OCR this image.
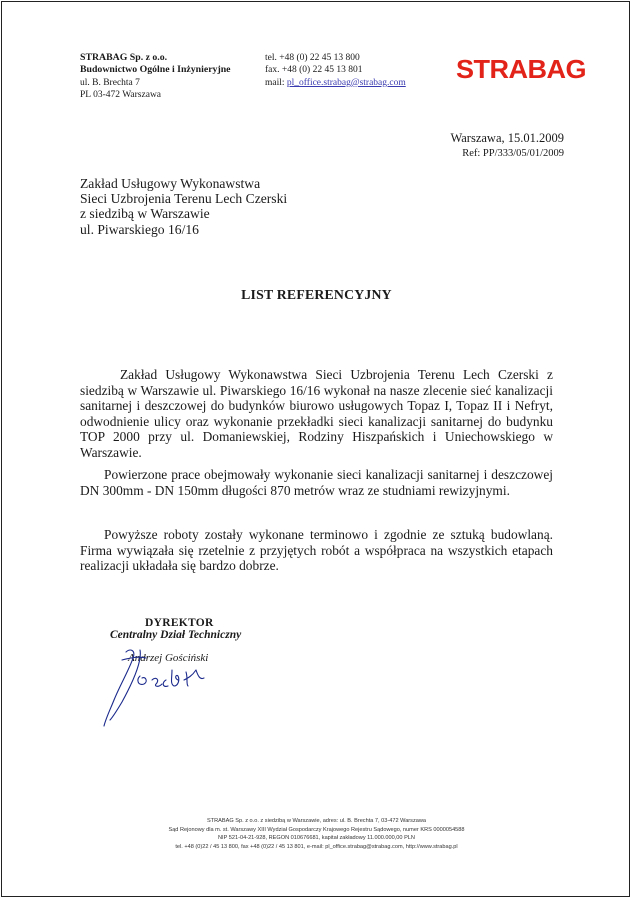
STRABAG Sp. z o.o.
Budownictwo Ogólne i Inżynieryjne
ul. B. Brechta 7
PL 03-472 Warszawa
tel. +48 (0) 22 45 13 800
fax. +48 (0) 22 45 13 801
mail: pl_office.strabag@strabag.com STRABAG
Warszawa, 15.01.2009
Ref: PP/333/05/01/2009
Zakład Usługowy Wykonawstwa
Sieci Uzbrojenia Terenu Lech Czerski
z siedzibą w Warszawie
ul. Piwarskiego 16/16
LIST REFERENCYJNY
Zakład Usługowy Wykonawstwa Sieci Uzbrojenia Terenu Lech Czerski z siedzibą w Warszawie ul. Piwarskiego 16/16 wykonał na nasze zlecenie sieć kanalizacji sanitarnej i deszczowej do budynków biurowo usługowych Topaz I, Topaz II i Nefryt, odwodnienie ulicy oraz wykonanie przekładki sieci kanalizacji sanitarnej do budynku TOP 2000 przy ul. Domaniewskiej, Rodziny Hiszpańskich i Uniechowskiego w Warszawie.
Powierzone prace obejmowały wykonanie sieci kanalizacji sanitarnej i deszczowej DN 300mm - DN 150mm długości 870 metrów wraz ze studniami rewizyjnymi.
Powyższe roboty zostały wykonane terminowo i zgodnie ze sztuką budowlaną. Firma wywiązała się rzetelnie z przyjętych robót a współpraca na wszystkich etapach realizacji układała się bardzo dobrze.
DYREKTOR
Centralny Dział Techniczny
Andrzej Gościński
STRABAG Sp. z o.o. z siedzibą w Warszawie, adres: ul. B. Brechta 7, 03-472 Warszawa
Sąd Rejonowy dla m. st. Warszawy XIII Wydział Gospodarczy Krajowego Rejestru Sądowego, numer KRS 0000054588
NIP 521-04-21-928, REGON 010676681, kapitał zakładowy 11.000.000,00 PLN
tel. +48 (0)22 / 45 13 800, fax +48 (0)22 / 45 13 801, e-mail: pl_office.strabag@strabag.com, http://www.strabag.pl
